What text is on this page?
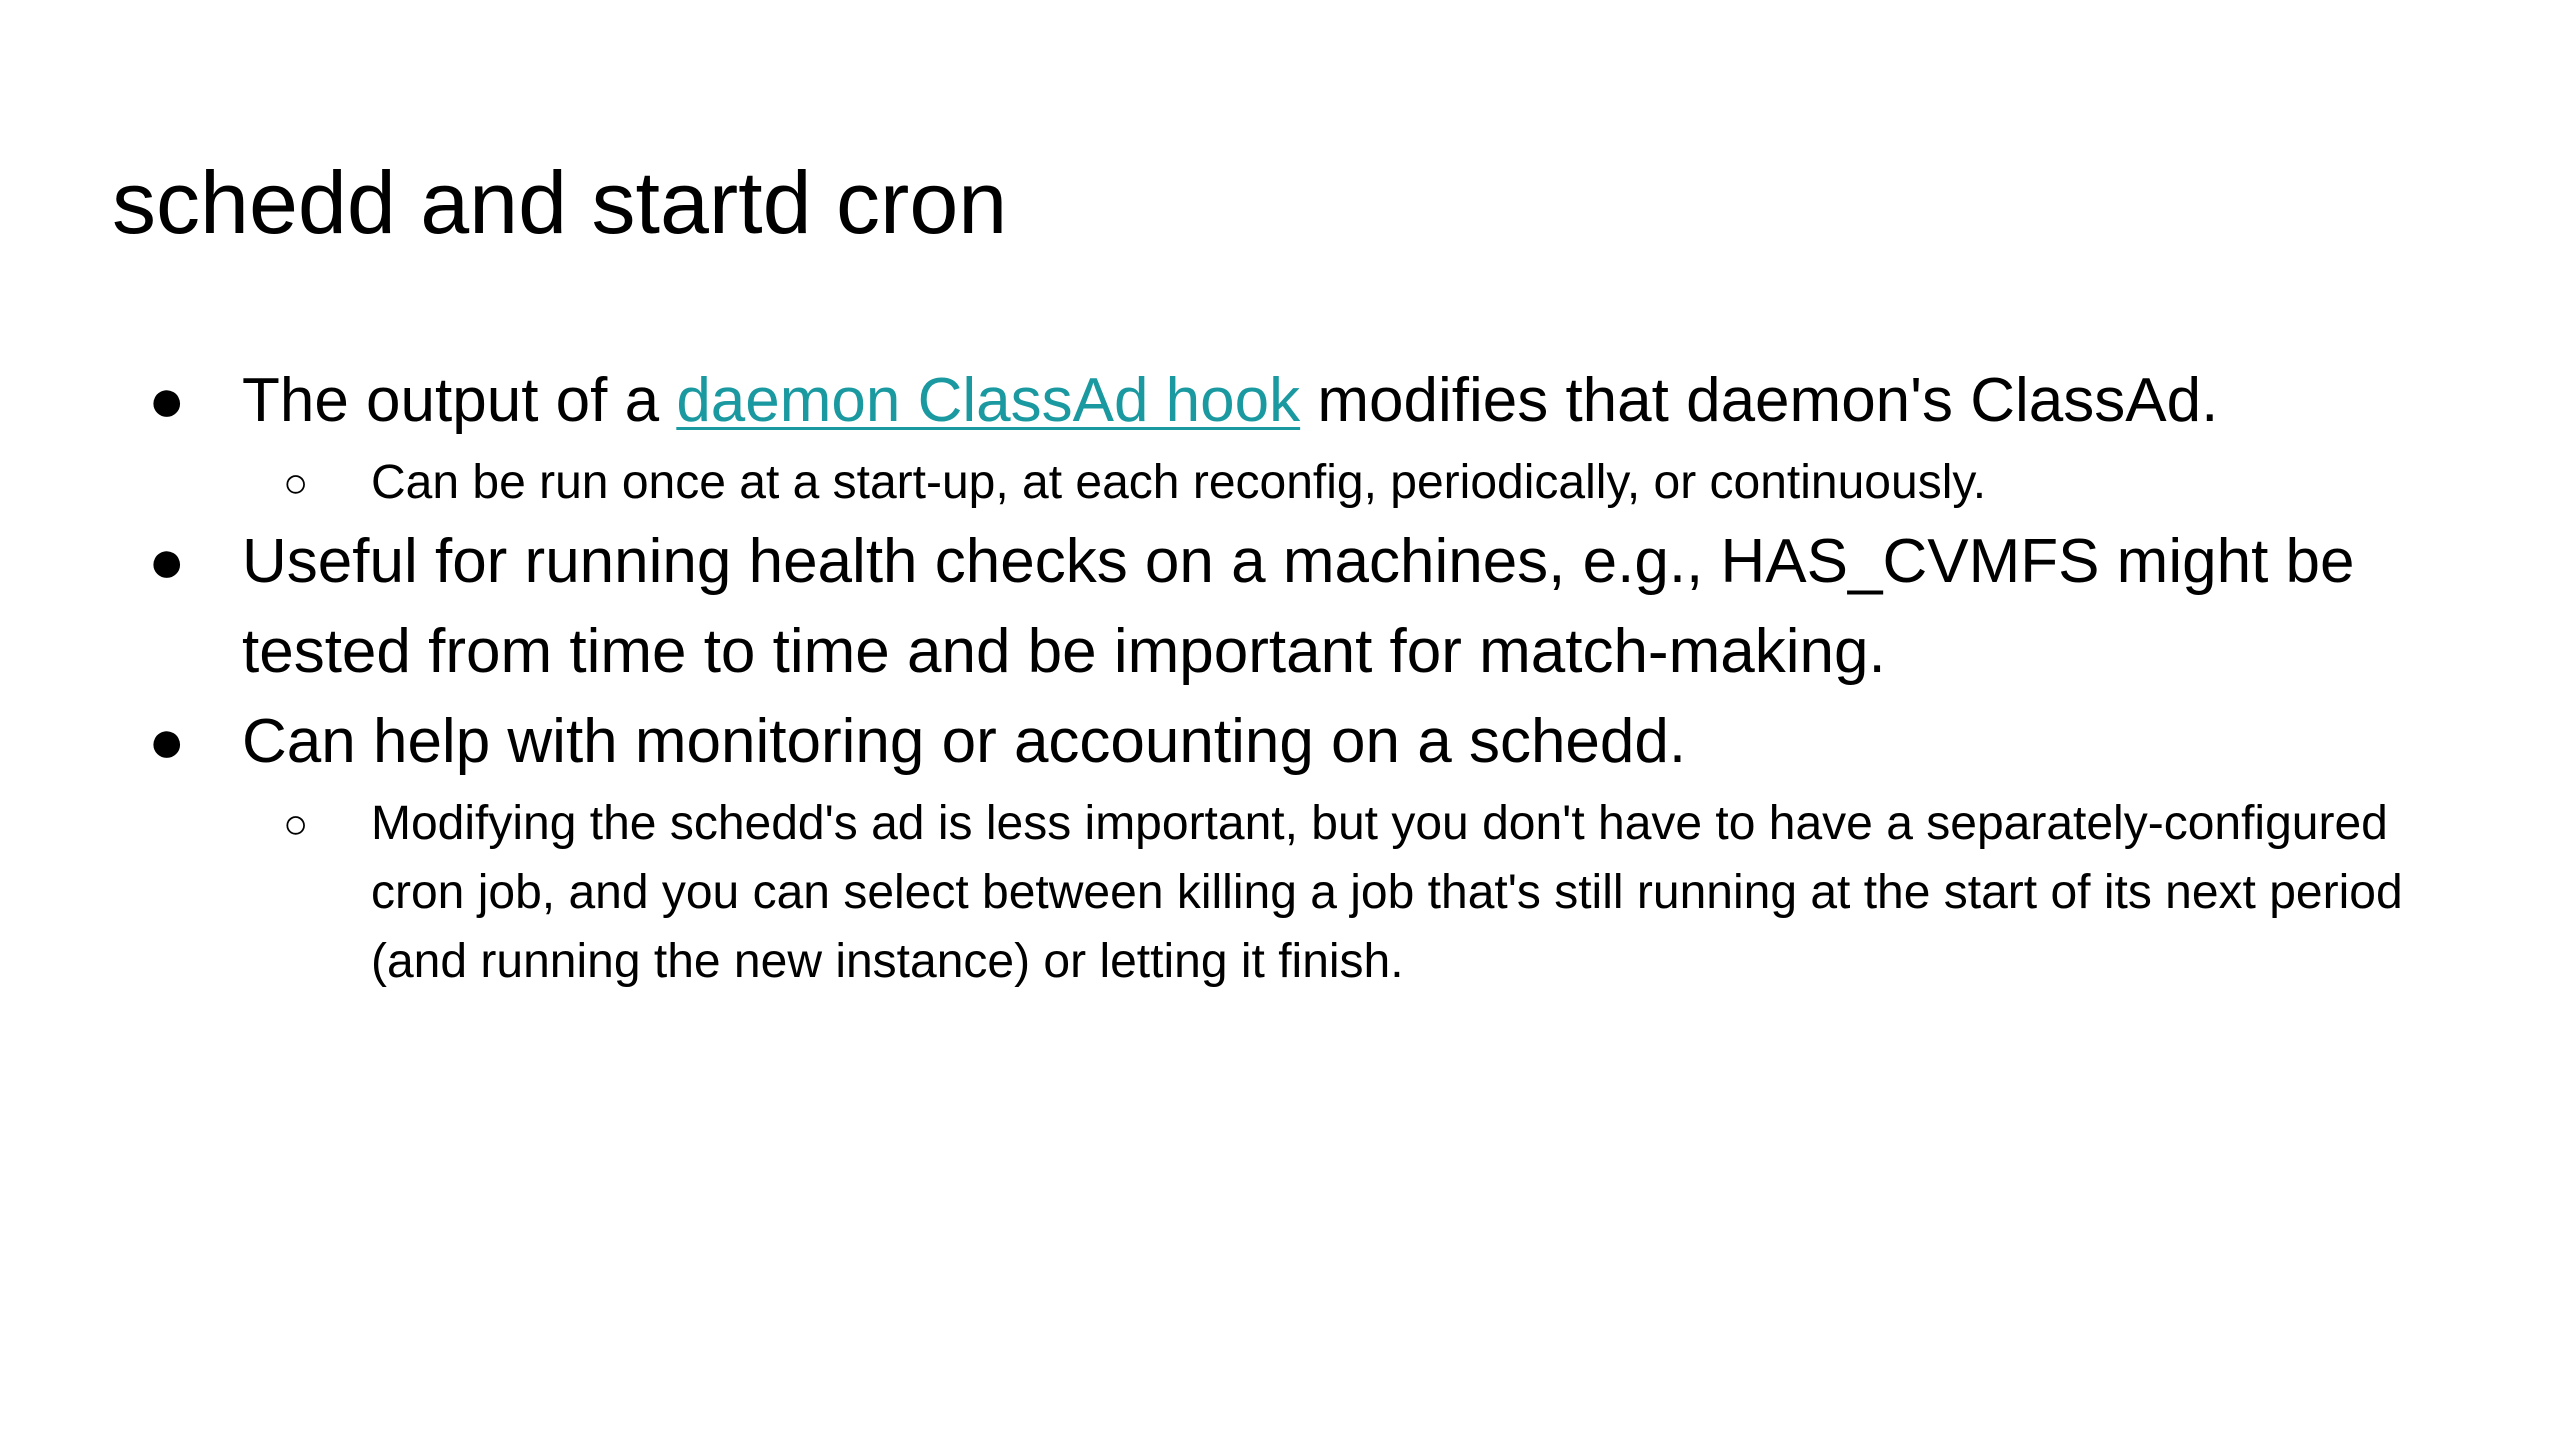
schedd and startd cron
● The output of a daemon ClassAd hook modifies that daemon's ClassAd.
○ Can be run once at a start-up, at each reconfig, periodically, or continuously.
● Useful for running health checks on a machines, e.g., HAS_CVMFS might be tested from time to time and be important for match-making.
● Can help with monitoring or accounting on a schedd.
○ Modifying the schedd's ad is less important, but you don't have to have a separately-configured cron job, and you can select between killing a job that's still running at the start of its next period (and running the new instance) or letting it finish.
